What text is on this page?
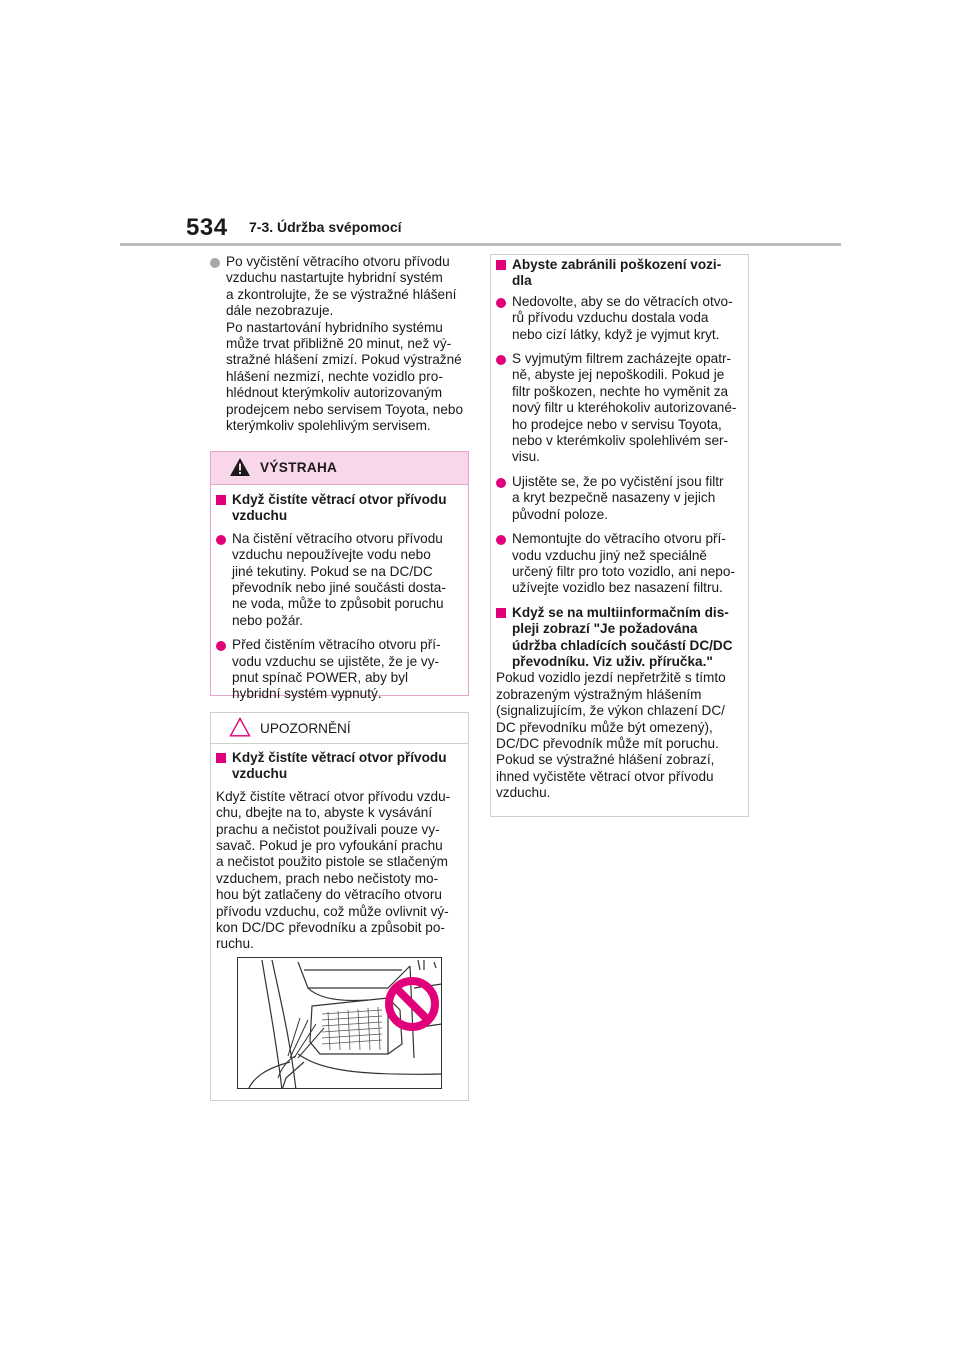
534 7-3. Údržba svépomocí
Po vyčistění větracího otvoru přívodu
vzduchu nastartujte hybridní systém
a zkontrolujte, že se výstražné hlášení
dále nezobrazuje.
Po nastartování hybridního systému
může trvat přibližně 20 minut, než vý-
stražné hlášení zmizí. Pokud výstražné
hlášení nezmizí, nechte vozidlo pro-
hlédnout kterýmkoliv autorizovaným
prodejcem nebo servisem Toyota, nebo
kterýmkoliv spolehlivým servisem.
VÝSTRAHA
Když čistíte větrací otvor přívodu
vzduchu
Na čistění větracího otvoru přívodu
vzduchu nepoužívejte vodu nebo
jiné tekutiny. Pokud se na DC/DC
převodník nebo jiné součásti dosta-
ne voda, může to způsobit poruchu
nebo požár.
Před čistěním větracího otvoru pří-
vodu vzduchu se ujistěte, že je vy-
pnut spínač POWER, aby byl
hybridní systém vypnutý.
UPOZORNĚNÍ
Když čistíte větrací otvor přívodu
vzduchu
Když čistíte větrací otvor přívodu vzdu-
chu, dbejte na to, abyste k vysávání
prachu a nečistot používali pouze vy-
savač. Pokud je pro vyfoukání prachu
a nečistot použito pistole se stlačeným
vzduchem, prach nebo nečistoty mo-
hou být zatlačeny do větracího otvoru
přívodu vzduchu, což může ovlivnit vý-
kon DC/DC převodníku a způsobit po-
ruchu.
Abyste zabránili poškození vozi-
dla
Nedovolte, aby se do větracích otvo-
rů přívodu vzduchu dostala voda
nebo cizí látky, když je vyjmut kryt.
S vyjmutým filtrem zacházejte opatr-
ně, abyste jej nepoškodili. Pokud je
filtr poškozen, nechte ho vyměnit za
nový filtr u kteréhokoliv autorizované-
ho prodejce nebo v servisu Toyota,
nebo v kterémkoliv spolehlivém ser-
visu.
Ujistěte se, že po vyčistění jsou filtr
a kryt bezpečně nasazeny v jejich
původní poloze.
Nemontujte do větracího otvoru pří-
vodu vzduchu jiný než speciálně
určený filtr pro toto vozidlo, ani nepo-
užívejte vozidlo bez nasazení filtru.
Když se na multiinformačním dis-
pleji zobrazí "Je požadována
údržba chladících součástí DC/DC
převodníku. Viz uživ. příručka."
Pokud vozidlo jezdí nepřetržitě s tímto
zobrazeným výstražným hlášením
(signalizujícím, že výkon chlazení DC/
DC převodníku může být omezený),
DC/DC převodník může mít poruchu.
Pokud se výstražné hlášení zobrazí,
ihned vyčistěte větrací otvor přívodu
vzduchu.
